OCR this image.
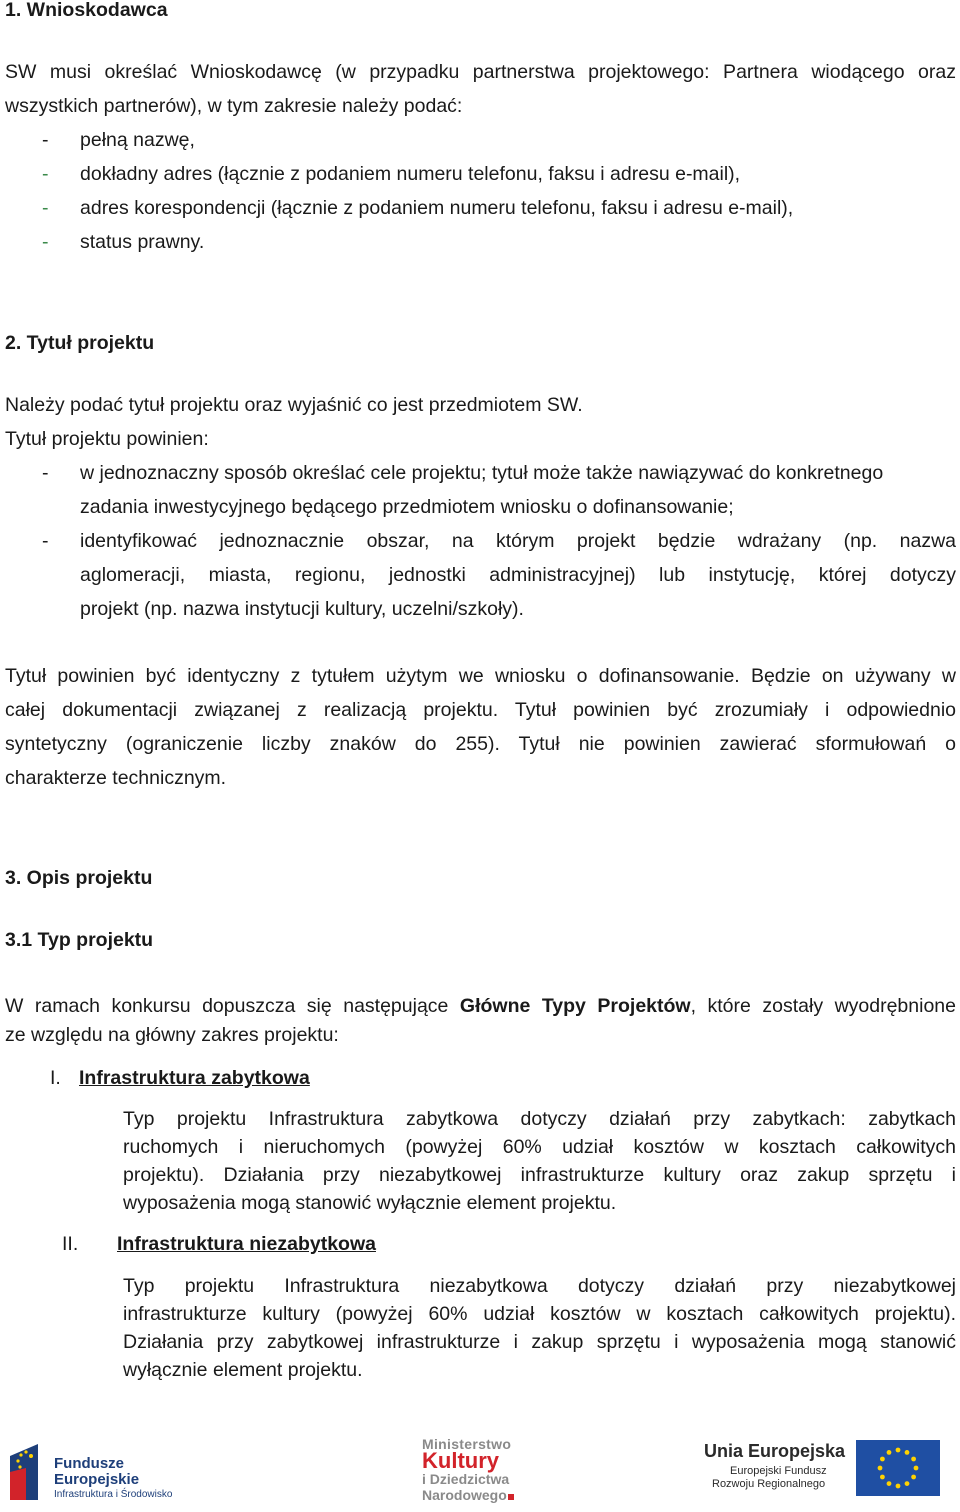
1. Wnioskodawca

SW musi określać Wnioskodawcę (w przypadku partnerstwa projektowego: Partnera wiodącego oraz
wszystkich partnerów), w tym zakresie należy podać:
-	pełną nazwę,

-	dokładny adres (łącznie z podaniem numeru telefonu, faksu i adresu e-mail),

-	adres korespondencji (łącznie z podaniem numeru telefonu, faksu i adresu e-mail),

-	status prawny.

2. Tytuł projektu

Należy podać tytuł projektu oraz wyjaśnić co jest przedmiotem SW.

Tytuł projektu powinien:

-	w jednoznaczny sposób określać cele projektu; tytuł może także nawiązywać do konkretnego
zadania inwestycyjnego będącego przedmiotem wniosku o dofinansowanie;
-	identyfikować jednoznacznie obszar, na którym projekt będzie wdrażany (np. nazwa
aglomeracji, miasta, regionu, jednostki administracyjnej) lub instytucję, której dotyczy
projekt (np. nazwa instytucji kultury, uczelni/szkoły).
Tytuł powinien być identyczny z tytułem użytym we wniosku o dofinansowanie. Będzie on używany w
całej dokumentacji związanej z realizacją projektu. Tytuł powinien być zrozumiały i odpowiednio
syntetyczny (ograniczenie liczby znaków do 255). Tytuł nie powinien zawierać sformułowań o
charakterze technicznym.

3. Opis projektu

3.1 Typ projektu

W ramach konkursu dopuszcza się następujące Główne Typy Projektów, które zostały wyodrębnione
ze względu na główny zakres projektu:
I. Infrastruktura zabytkowa
Typ projektu Infrastruktura zabytkowa dotyczy działań przy zabytkach: zabytkach
ruchomych i nieruchomych (powyżej 60% udział kosztów w kosztach całkowitych
projektu). Działania przy niezabytkowej infrastrukturze kultury oraz zakup sprzętu i
wyposażenia mogą stanowić wyłącznie element projektu.
II. Infrastruktura niezabytkowa
Typ projektu Infrastruktura niezabytkowa dotyczy działań przy niezabytkowej
infrastrukturze kultury (powyżej 60% udział kosztów w kosztach całkowitych projektu).
Działania przy zabytkowej infrastrukturze i zakup sprzętu i wyposażenia mogą stanowić
wyłącznie element projektu.
Fundusze
Europejskie
Infrastruktura i Środowisko
Ministerstwo
Kultury
i Dziedzictwa
Narodowego
Unia Europejska
Europejski Fundusz
Rozwoju Regionalnego
